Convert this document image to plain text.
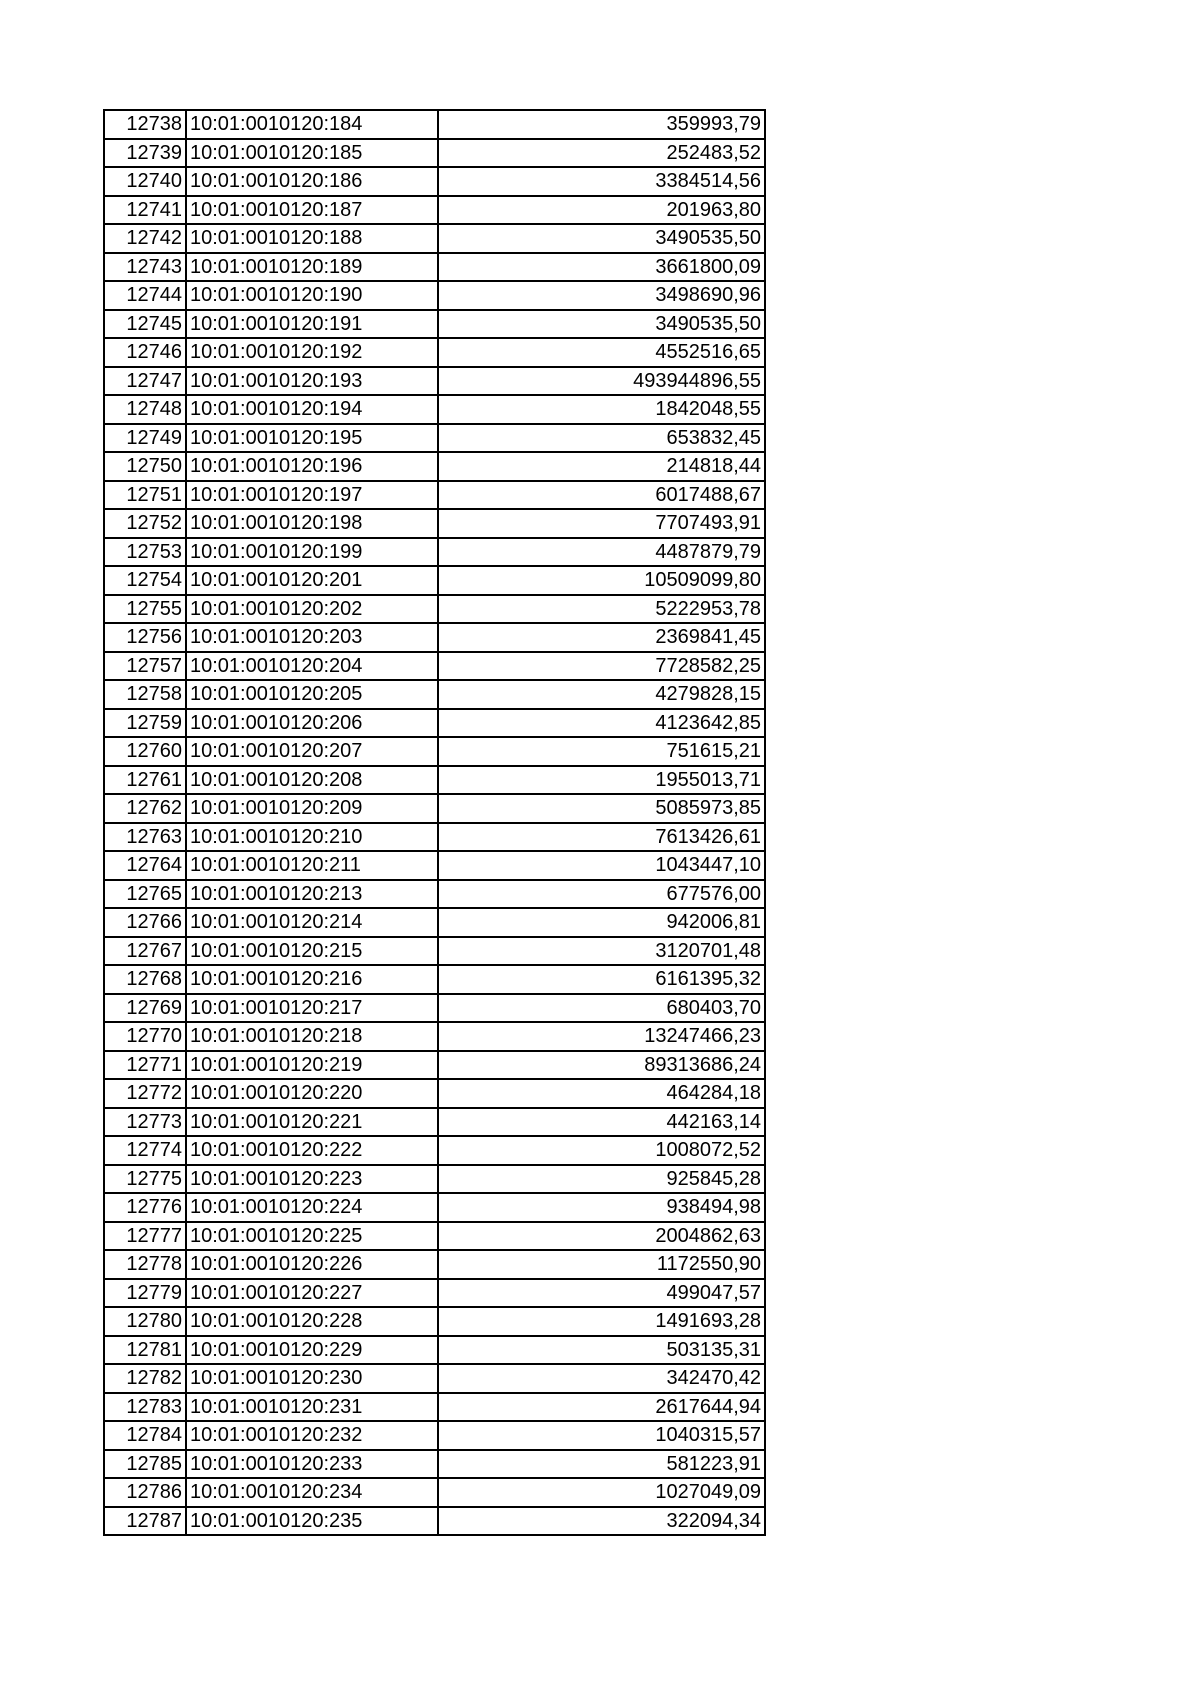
12738	10:01:0010120:184	359993,79
12739	10:01:0010120:185	252483,52
12740	10:01:0010120:186	3384514,56
12741	10:01:0010120:187	201963,80
12742	10:01:0010120:188	3490535,50
12743	10:01:0010120:189	3661800,09
12744	10:01:0010120:190	3498690,96
12745	10:01:0010120:191	3490535,50
12746	10:01:0010120:192	4552516,65
12747	10:01:0010120:193	493944896,55
12748	10:01:0010120:194	1842048,55
12749	10:01:0010120:195	653832,45
12750	10:01:0010120:196	214818,44
12751	10:01:0010120:197	6017488,67
12752	10:01:0010120:198	7707493,91
12753	10:01:0010120:199	4487879,79
12754	10:01:0010120:201	10509099,80
12755	10:01:0010120:202	5222953,78
12756	10:01:0010120:203	2369841,45
12757	10:01:0010120:204	7728582,25
12758	10:01:0010120:205	4279828,15
12759	10:01:0010120:206	4123642,85
12760	10:01:0010120:207	751615,21
12761	10:01:0010120:208	1955013,71
12762	10:01:0010120:209	5085973,85
12763	10:01:0010120:210	7613426,61
12764	10:01:0010120:211	1043447,10
12765	10:01:0010120:213	677576,00
12766	10:01:0010120:214	942006,81
12767	10:01:0010120:215	3120701,48
12768	10:01:0010120:216	6161395,32
12769	10:01:0010120:217	680403,70
12770	10:01:0010120:218	13247466,23
12771	10:01:0010120:219	89313686,24
12772	10:01:0010120:220	464284,18
12773	10:01:0010120:221	442163,14
12774	10:01:0010120:222	1008072,52
12775	10:01:0010120:223	925845,28
12776	10:01:0010120:224	938494,98
12777	10:01:0010120:225	2004862,63
12778	10:01:0010120:226	1172550,90
12779	10:01:0010120:227	499047,57
12780	10:01:0010120:228	1491693,28
12781	10:01:0010120:229	503135,31
12782	10:01:0010120:230	342470,42
12783	10:01:0010120:231	2617644,94
12784	10:01:0010120:232	1040315,57
12785	10:01:0010120:233	581223,91
12786	10:01:0010120:234	1027049,09
12787	10:01:0010120:235	322094,34
